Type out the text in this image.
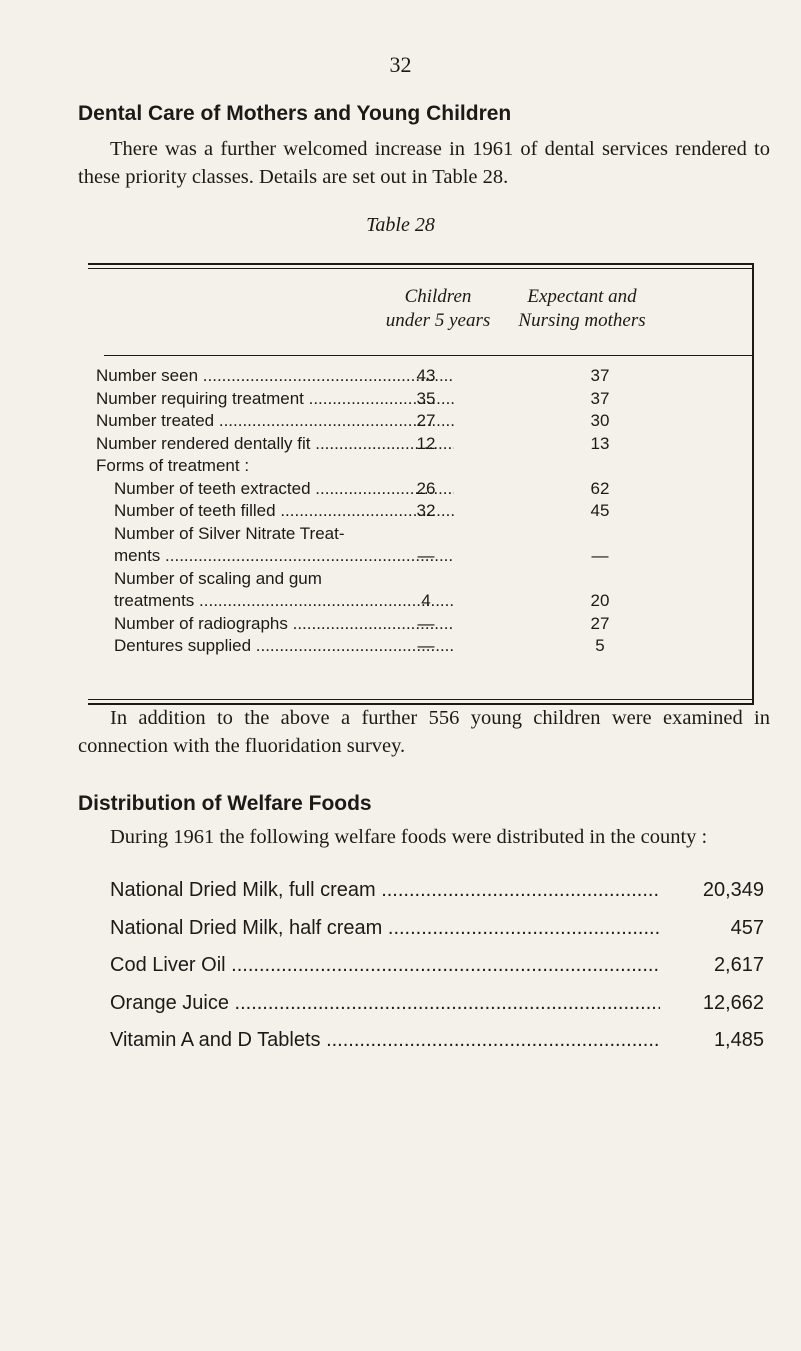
32
Dental Care of Mothers and Young Children

There was a further welcomed increase in 1961 of dental services rendered to these priority classes. Details are set out in Table 28.

Table 28
Children
under 5 years
Expectant and
Nursing mothers
Number seen .....	43	37
Number requiring treatment .....	35	37
Number treated .....	27	30
Number rendered dentally fit .....	12	13
Forms of treatment :
Number of teeth extracted .....	26	62
Number of teeth filled .....	32	45
Number of Silver Nitrate Treat-
ments .....	—	—
Number of scaling and gum
treatments .....	4	20
Number of radiographs .....	—	27
Dentures supplied .....	—	5

In addition to the above a further 556 young children were examined in connection with the fluoridation survey.

Distribution of Welfare Foods

During 1961 the following welfare foods were distributed in the county :

National Dried Milk, full cream .....	20,349
National Dried Milk, half cream .....	457
Cod Liver Oil .....	2,617
Orange Juice .....	12,662
Vitamin A and D Tablets .....	1,485
